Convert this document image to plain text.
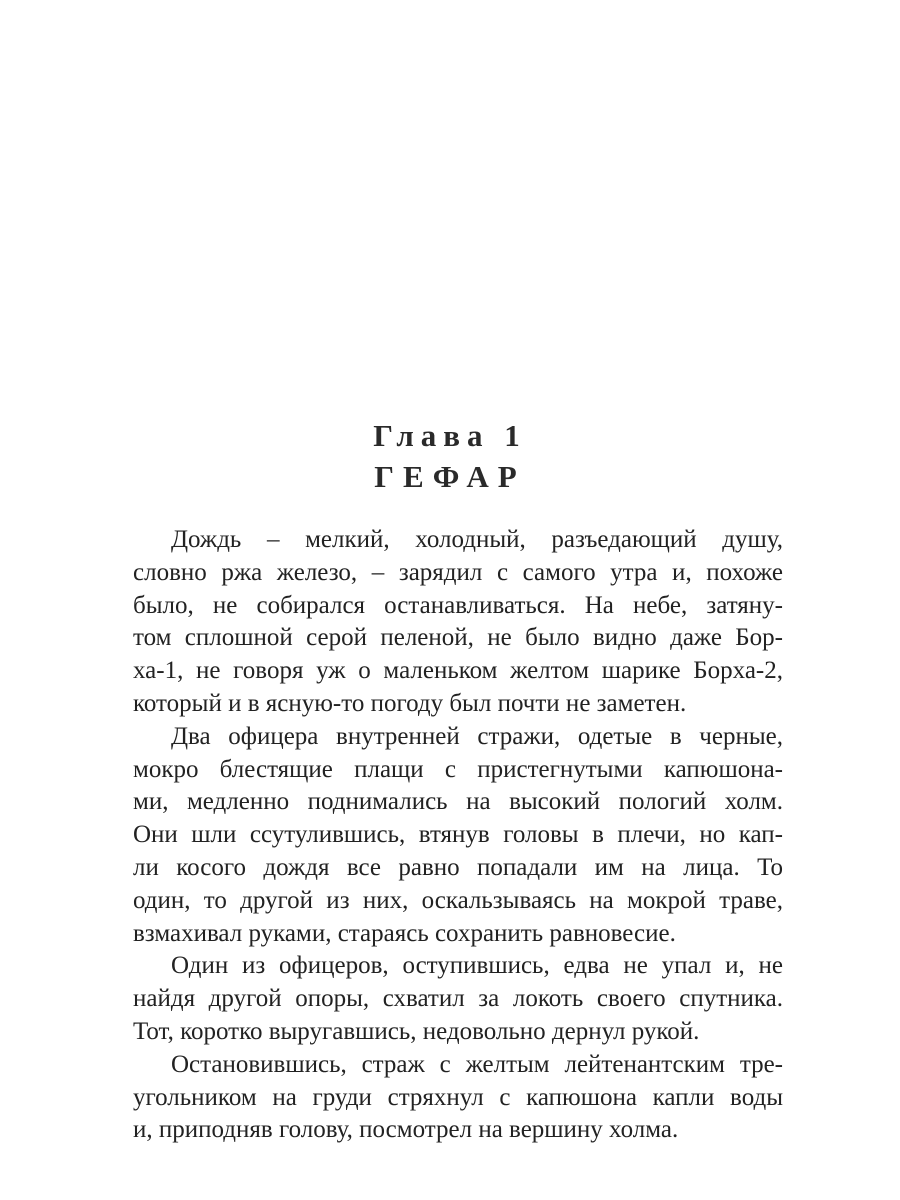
Глава 1
ГЕФАР
Дождь – мелкий, холодный, разъедающий душу,
словно ржа железо, – зарядил с самого утра и, похоже
было, не собирался останавливаться. На небе, затяну-
том сплошной серой пеленой, не было видно даже Бор-
ха-1, не говоря уж о маленьком желтом шарике Борха-2,
который и в ясную-то погоду был почти не заметен.
Два офицера внутренней стражи, одетые в черные,
мокро блестящие плащи с пристегнутыми капюшона-
ми, медленно поднимались на высокий пологий холм.
Они шли ссутулившись, втянув головы в плечи, но кап-
ли косого дождя все равно попадали им на лица. То
один, то другой из них, оскальзываясь на мокрой траве,
взмахивал руками, стараясь сохранить равновесие.
Один из офицеров, оступившись, едва не упал и, не
найдя другой опоры, схватил за локоть своего спутника.
Тот, коротко выругавшись, недовольно дернул рукой.
Остановившись, страж с желтым лейтенантским тре-
угольником на груди стряхнул с капюшона капли воды
и, приподняв голову, посмотрел на вершину холма.
